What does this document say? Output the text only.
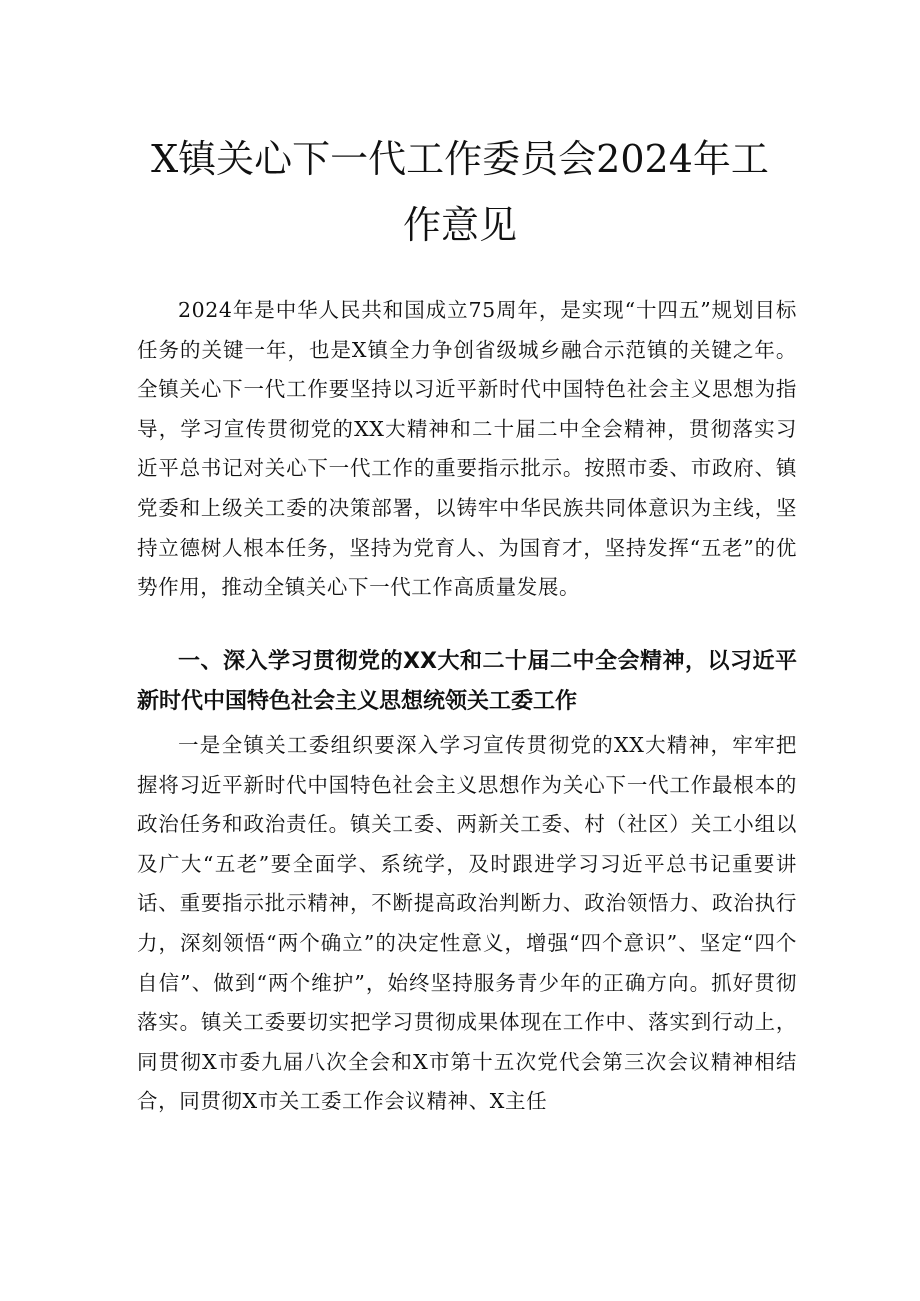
X镇关心下一代工作委员会2024年工作意见

2024年是中华人民共和国成立75周年，是实现“十四五”规划目标任务的关键一年，也是X镇全力争创省级城乡融合示范镇的关键之年。全镇关心下一代工作要坚持以习近平新时代中国特色社会主义思想为指导，学习宣传贯彻党的XX大精神和二十届二中全会精神，贯彻落实习近平总书记对关心下一代工作的重要指示批示。按照市委、市政府、镇党委和上级关工委的决策部署，以铸牢中华民族共同体意识为主线，坚持立德树人根本任务，坚持为党育人、为国育才，坚持发挥“五老”的优势作用，推动全镇关心下一代工作高质量发展。

一、深入学习贯彻党的XX大和二十届二中全会精神，以习近平新时代中国特色社会主义思想统领关工委工作

一是全镇关工委组织要深入学习宣传贯彻党的XX大精神，牢牢把握将习近平新时代中国特色社会主义思想作为关心下一代工作最根本的政治任务和政治责任。镇关工委、两新关工委、村（社区）关工小组以及广大“五老”要全面学、系统学，及时跟进学习习近平总书记重要讲话、重要指示批示精神，不断提高政治判断力、政治领悟力、政治执行力，深刻领悟“两个确立”的决定性意义，增强“四个意识”、坚定“四个自信”、做到“两个维护”，始终坚持服务青少年的正确方向。抓好贯彻落实。镇关工委要切实把学习贯彻成果体现在工作中、落实到行动上，同贯彻X市委九届八次全会和X市第十五次党代会第三次会议精神相结合，同贯彻X市关工委工作会议精神、X主任
